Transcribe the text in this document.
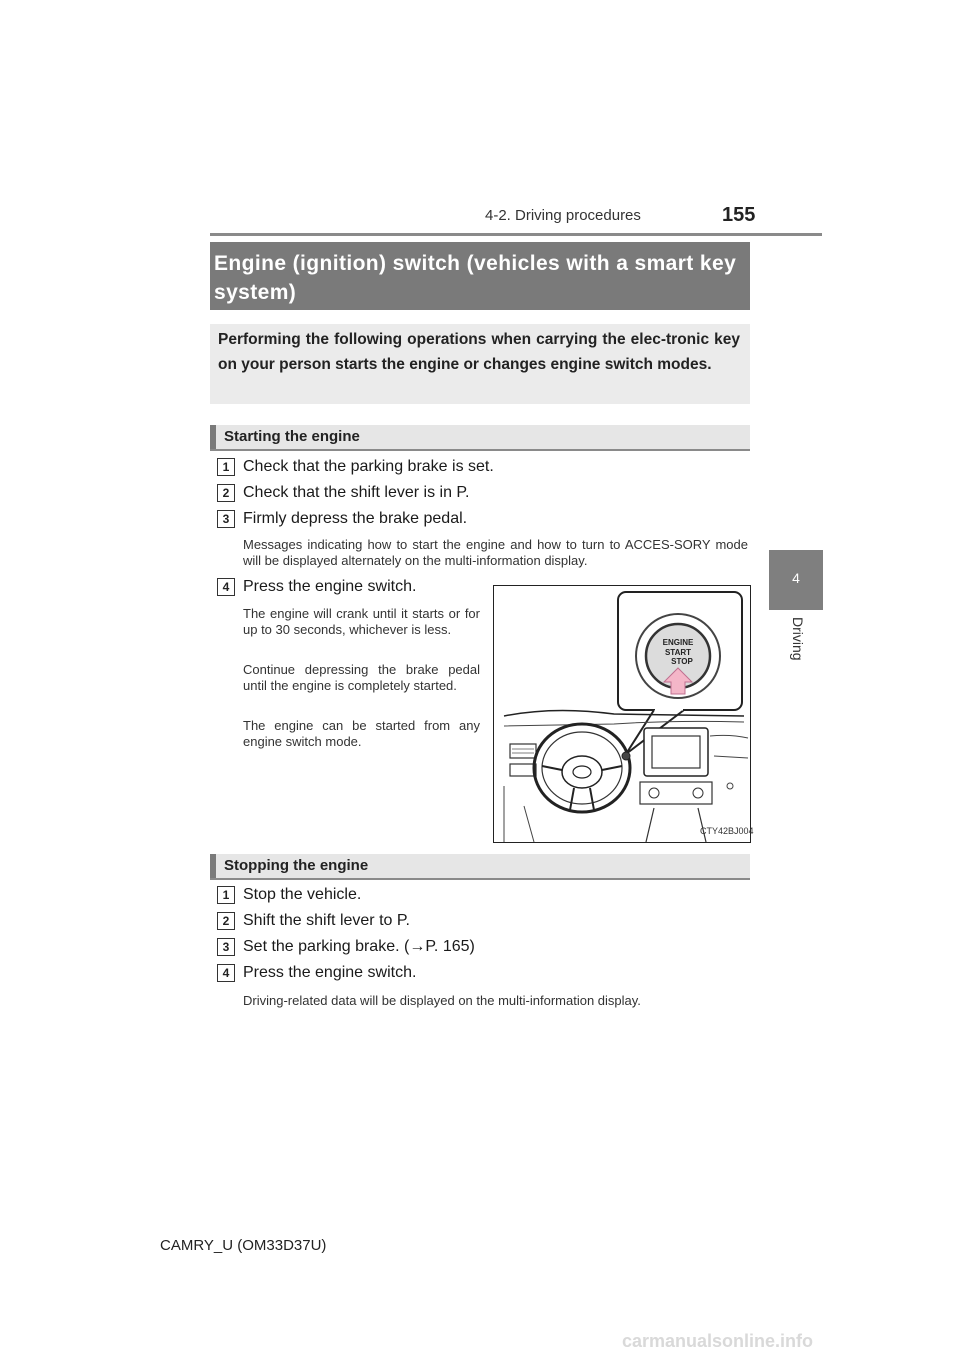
4-2. Driving procedures	155
4
Driving
Engine (ignition) switch (vehicles with a smart key system)
Performing the following operations when carrying the elec-tronic key on your person starts the engine or changes engine switch modes.
Starting the engine
1 Check that the parking brake is set.
2 Check that the shift lever is in P.
3 Firmly depress the brake pedal.
Messages indicating how to start the engine and how to turn to ACCES-SORY mode will be displayed alternately on the multi-information display.
4 Press the engine switch.
The engine will crank until it starts or for up to 30 seconds, whichever is less.
Continue depressing the brake pedal until the engine is completely started.
The engine can be started from any engine switch mode.
ENGINE
START
STOP
CTY42BJ004
Stopping the engine
1 Stop the vehicle.
2 Shift the shift lever to P.
3 Set the parking brake. (→P. 165)
4 Press the engine switch.
Driving-related data will be displayed on the multi-information display.
CAMRY_U (OM33D37U)
carmanualsonline.info
